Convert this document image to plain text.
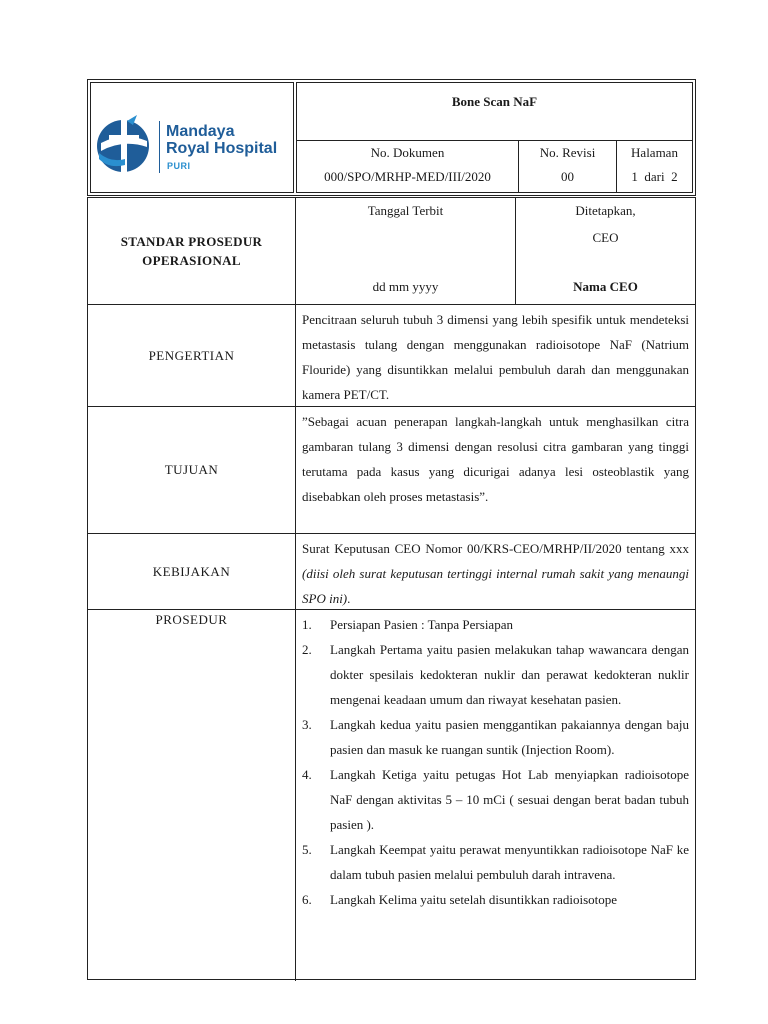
Mandaya
Royal Hospital
PURI
Bone Scan NaF
No. Dokumen
000/SPO/MRHP-MED/III/2020
No. Revisi
00
Halaman
1  dari  2
STANDAR PROSEDUR
OPERASIONAL
Tanggal Terbit
dd mm yyyy
Ditetapkan,
CEO
Nama CEO
PENGERTIAN
Pencitraan seluruh tubuh 3 dimensi yang lebih spesifik untuk mendeteksi metastasis tulang dengan menggunakan radioisotope NaF (Natrium Flouride) yang disuntikkan melalui pembuluh darah dan menggunakan kamera PET/CT.
TUJUAN
”Sebagai acuan penerapan langkah-langkah untuk menghasilkan citra gambaran tulang 3 dimensi dengan resolusi citra gambaran yang tinggi terutama pada kasus yang dicurigai adanya lesi osteoblastik yang disebabkan oleh proses metastasis”.
KEBIJAKAN
Surat Keputusan CEO Nomor 00/KRS-CEO/MRHP/II/2020 tentang xxx (diisi oleh surat keputusan tertinggi internal rumah sakit yang menaungi SPO ini).
PROSEDUR	1. Persiapan Pasien : Tanpa Persiapan
2. Langkah Pertama yaitu pasien melakukan tahap wawancara dengan dokter spesilais kedokteran nuklir dan perawat kedokteran nuklir mengenai keadaan umum dan riwayat kesehatan pasien.
3. Langkah kedua yaitu pasien menggantikan pakaiannya dengan baju pasien dan masuk ke ruangan suntik (Injection Room).
4. Langkah Ketiga yaitu petugas Hot Lab menyiapkan radioisotope NaF dengan aktivitas 5 – 10 mCi ( sesuai dengan berat badan tubuh pasien ).
5. Langkah Keempat yaitu perawat menyuntikkan radioisotope NaF ke dalam tubuh pasien melalui pembuluh darah intravena.
6. Langkah Kelima yaitu setelah disuntikkan radioisotope
